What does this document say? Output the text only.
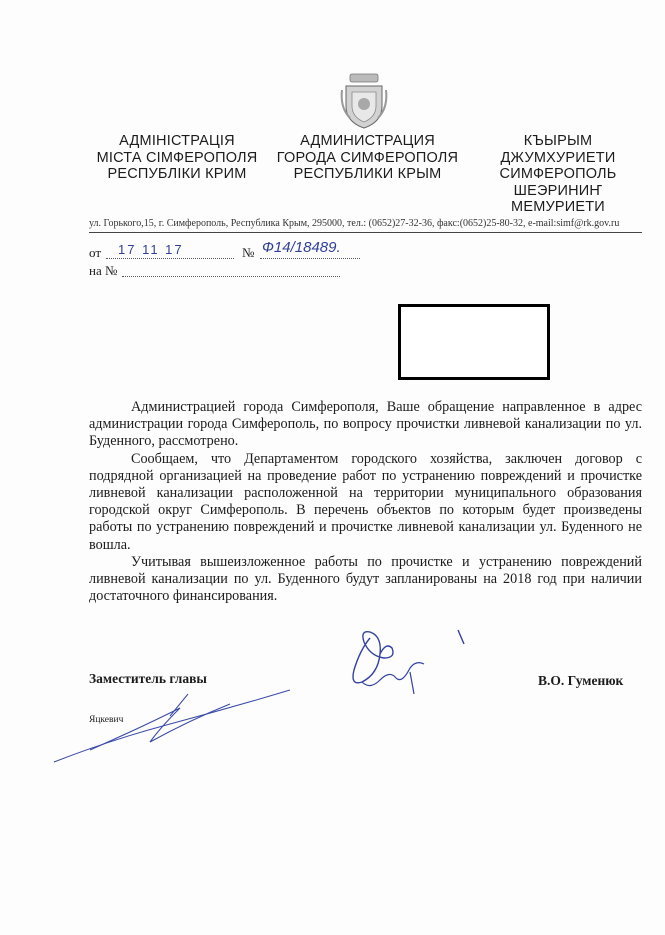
АДМІНІСТРАЦІЯ
МІСТА СІМФЕРОПОЛЯ
РЕСПУБЛІКИ КРИМ
АДМИНИСТРАЦИЯ
ГОРОДА СИМФЕРОПОЛЯ
РЕСПУБЛИКИ КРЫМ
КЪЫРЫМ ДЖУМХУРИЕТИ
СИМФЕРОПОЛЬ
ШЕЭРИНИҤ
МЕМУРИЕТИ
ул. Горького,15, г. Симферополь, Республика Крым, 295000, тел.: (0652)27-32-36, факс:(0652)25-80-32, e-mail:simf@rk.gov.ru
от 17 11 17	№ Ф14/18489.
на №

Администрацией города Симферополя, Ваше обращение направленное в адрес администрации города Симферополь, по вопросу прочистки ливневой канализации по ул. Буденного, рассмотрено.

Сообщаем, что Департаментом городского хозяйства, заключен договор с подрядной организацией на проведение работ по устранению повреждений и прочистке ливневой канализации расположенной на территории муниципального образования городской округ Симферополь. В перечень объектов по которым будет произведены работы по устранению повреждений и прочистке ливневой канализации ул. Буденного не вошла.

Учитывая вышеизложенное работы по прочистке и устранению повреждений ливневой канализации по ул. Буденного будут запланированы на 2018 год при наличии достаточного финансирования.

Заместитель главы	В.О. Гуменюк
Яцкевич
